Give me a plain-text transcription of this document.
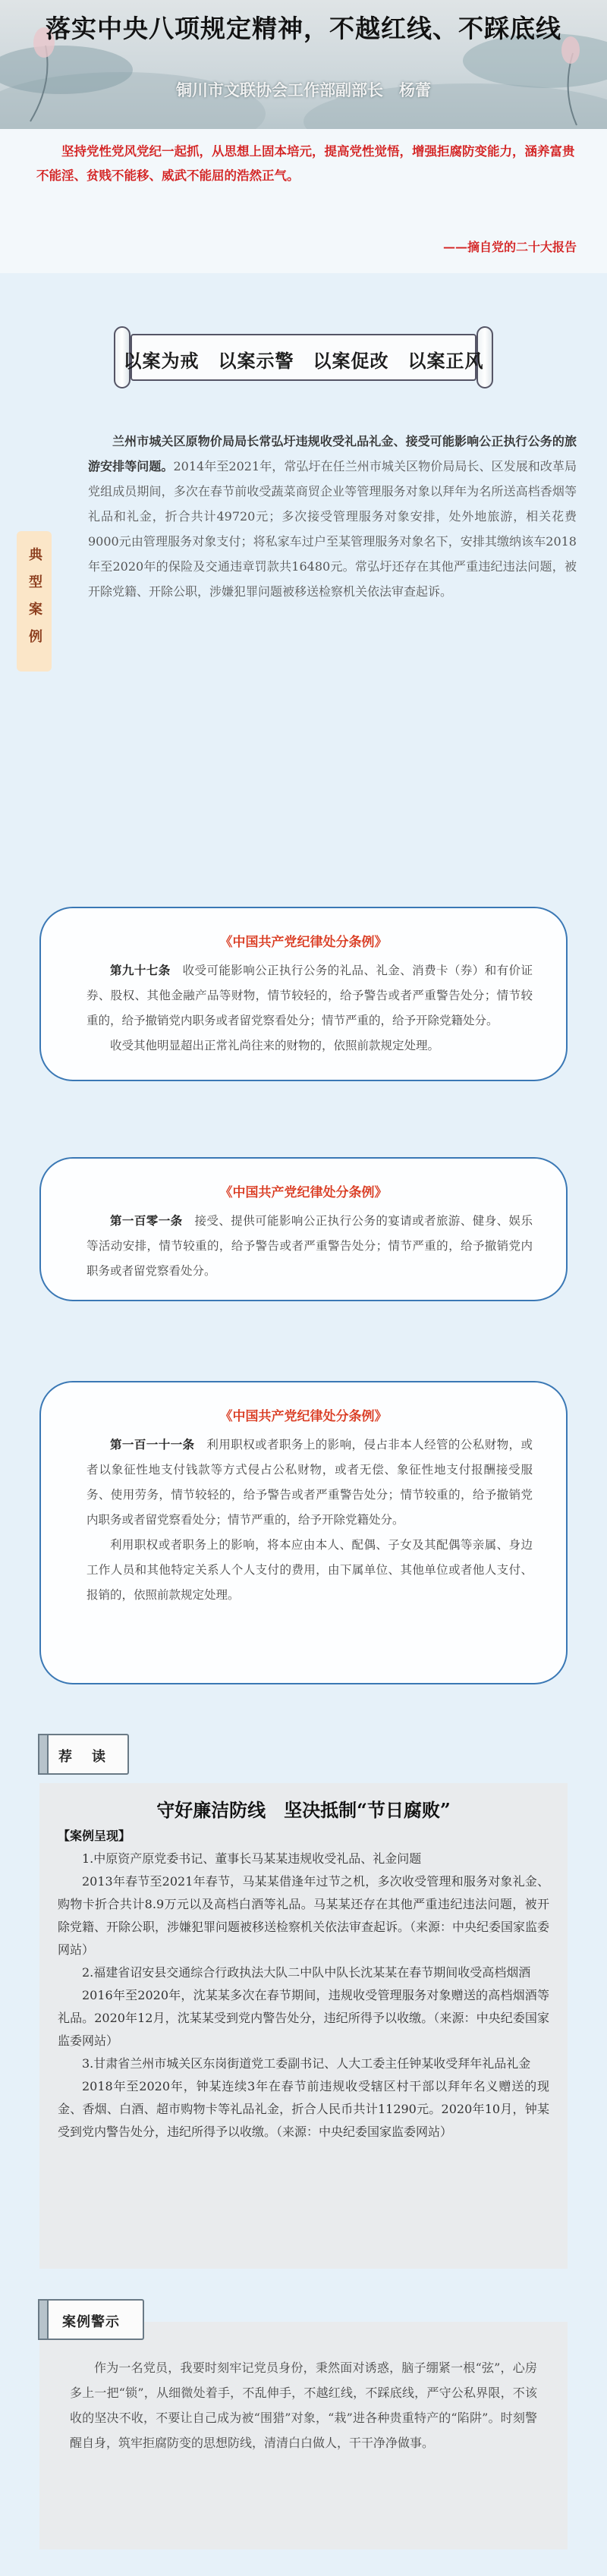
落实中央八项规定精神，不越红线、不踩底线
铜川市文联协会工作部副部长　杨蕾
坚持党性党风党纪一起抓，从思想上固本培元，提高党性觉悟，增强拒腐防变能力，涵养富贵不能淫、贫贱不能移、威武不能屈的浩然正气。
——摘自党的二十大报告
以案为戒　以案示警　以案促改　以案正风
典型案例

兰州市城关区原物价局局长常弘圩违规收受礼品礼金、接受可能影响公正执行公务的旅游安排等问题。2014年至2021年，常弘圩在任兰州市城关区物价局局长、区发展和改革局党组成员期间，多次在春节前收受蔬菜商贸企业等管理服务对象以拜年为名所送高档香烟等礼品和礼金，折合共计49720元；多次接受管理服务对象安排，处外地旅游，相关花费9000元由管理服务对象支付；将私家车过户至某管理服务对象名下，安排其缴纳该车2018年至2020年的保险及交通违章罚款共16480元。常弘圩还存在其他严重违纪违法问题，被开除党籍、开除公职，涉嫌犯罪问题被移送检察机关依法审查起诉。

《中国共产党纪律处分条例》

第九十七条　 收受可能影响公正执行公务的礼品、礼金、消费卡（券）和有价证券、股权、其他金融产品等财物，情节较轻的，给予警告或者严重警告处分；情节较重的，给予撤销党内职务或者留党察看处分；情节严重的，给予开除党籍处分。

收受其他明显超出正常礼尚往来的财物的，依照前款规定处理。

《中国共产党纪律处分条例》

第一百零一条　 接受、提供可能影响公正执行公务的宴请或者旅游、健身、娱乐等活动安排，情节较重的，给予警告或者严重警告处分；情节严重的，给予撤销党内职务或者留党察看处分。

《中国共产党纪律处分条例》

第一百一十一条　 利用职权或者职务上的影响，侵占非本人经管的公私财物，或者以象征性地支付钱款等方式侵占公私财物，或者无偿、象征性地支付报酬接受服务、使用劳务，情节较轻的，给予警告或者严重警告处分；情节较重的，给予撤销党内职务或者留党察看处分；情节严重的，给予开除党籍处分。

利用职权或者职务上的影响，将本应由本人、配偶、子女及其配偶等亲属、身边工作人员和其他特定关系人个人支付的费用，由下属单位、其他单位或者他人支付、报销的，依照前款规定处理。

荐　读
守好廉洁防线　坚决抵制“节日腐败”

【案例呈现】

1.中原资产原党委书记、董事长马某某违规收受礼品、礼金问题

2013年春节至2021年春节，马某某借逢年过节之机，多次收受管理和服务对象礼金、购物卡折合共计8.9万元以及高档白酒等礼品。马某某还存在其他严重违纪违法问题，被开除党籍、开除公职，涉嫌犯罪问题被移送检察机关依法审查起诉。（来源：中央纪委国家监委网站）

2.福建省诏安县交通综合行政执法大队二中队中队长沈某某在春节期间收受高档烟酒

2016年至2020年，沈某某多次在春节期间，违规收受管理服务对象赠送的高档烟酒等礼品。2020年12月，沈某某受到党内警告处分，违纪所得予以收缴。（来源：中央纪委国家监委网站）

3.甘肃省兰州市城关区东岗街道党工委副书记、人大工委主任钟某收受拜年礼品礼金

2018年至2020年，钟某连续3年在春节前违规收受辖区村干部以拜年名义赠送的现金、香烟、白酒、超市购物卡等礼品礼金，折合人民币共计11290元。2020年10月，钟某受到党内警告处分，违纪所得予以收缴。（来源：中央纪委国家监委网站）

作为一名党员，我要时刻牢记党员身份，秉然面对诱惑，脑子绷紧一根“弦”，心房多上一把“锁”，从细微处着手，不乱伸手，不越红线，不踩底线，严守公私界限，不该收的坚决不收，不要让自己成为被“围猎”对象，“栽”进各种贵重特产的“陷阱”。时刻警醒自身，筑牢拒腐防变的思想防线，清清白白做人，干干净净做事。
案例警示
